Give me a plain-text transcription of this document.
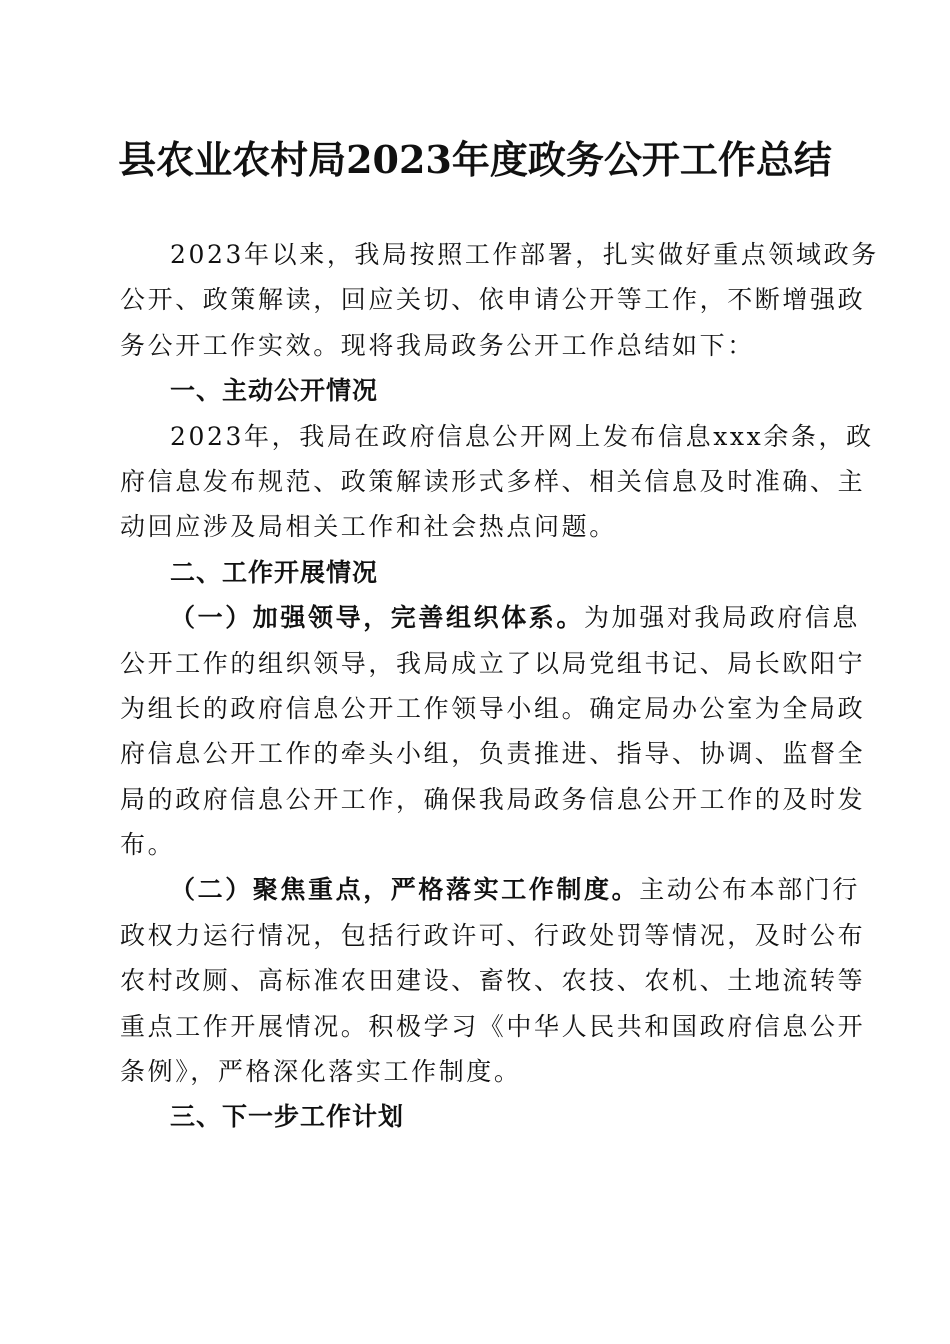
县农业农村局2023年度政务公开工作总结
2023年以来，我局按照工作部署，扎实做好重点领域政务
公开、政策解读，回应关切、依申请公开等工作，不断增强政
务公开工作实效。现将我局政务公开工作总结如下：
一、主动公开情况
2023年，我局在政府信息公开网上发布信息xxx余条，政
府信息发布规范、政策解读形式多样、相关信息及时准确、主
动回应涉及局相关工作和社会热点问题。
二、工作开展情况
（一）加强领导，完善组织体系。为加强对我局政府信息
公开工作的组织领导，我局成立了以局党组书记、局长欧阳宁
为组长的政府信息公开工作领导小组。确定局办公室为全局政
府信息公开工作的牵头小组，负责推进、指导、协调、监督全
局的政府信息公开工作，确保我局政务信息公开工作的及时发
布。
（二）聚焦重点，严格落实工作制度。主动公布本部门行
政权力运行情况，包括行政许可、行政处罚等情况，及时公布
农村改厕、高标准农田建设、畜牧、农技、农机、土地流转等
重点工作开展情况。积极学习《中华人民共和国政府信息公开
条例》，严格深化落实工作制度。
三、下一步工作计划
